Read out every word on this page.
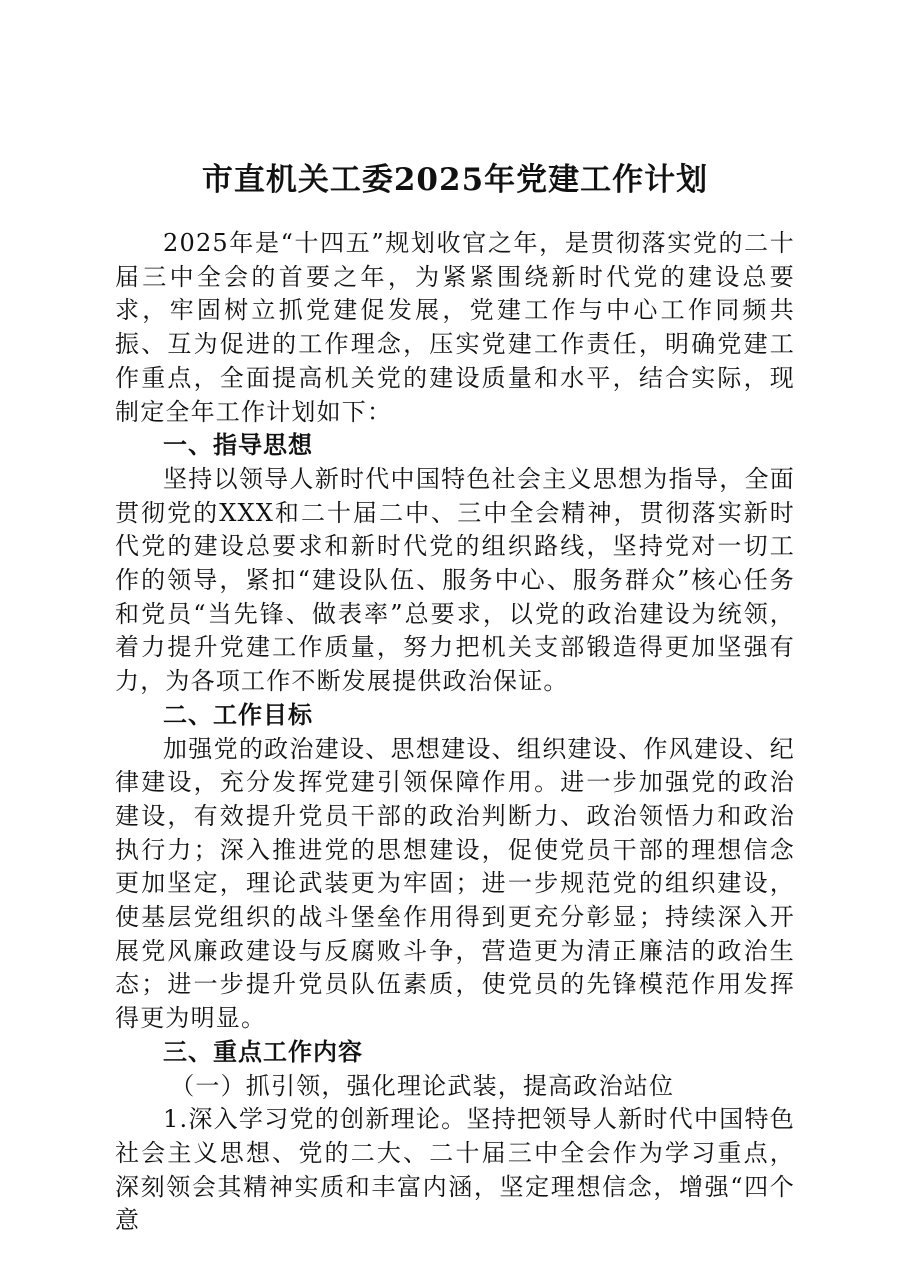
市直机关工委2025年党建工作计划

2025年是“十四五”规划收官之年，是贯彻落实党的二十届三中全会的首要之年，为紧紧围绕新时代党的建设总要求，牢固树立抓党建促发展，党建工作与中心工作同频共振、互为促进的工作理念，压实党建工作责任，明确党建工作重点，全面提高机关党的建设质量和水平，结合实际，现制定全年工作计划如下：

一、指导思想

坚持以领导人新时代中国特色社会主义思想为指导，全面贯彻党的XXX和二十届二中、三中全会精神，贯彻落实新时代党的建设总要求和新时代党的组织路线，坚持党对一切工作的领导，紧扣“建设队伍、服务中心、服务群众”核心任务和党员“当先锋、做表率”总要求，以党的政治建设为统领，着力提升党建工作质量，努力把机关支部锻造得更加坚强有力，为各项工作不断发展提供政治保证。

二、工作目标

加强党的政治建设、思想建设、组织建设、作风建设、纪律建设，充分发挥党建引领保障作用。进一步加强党的政治建设，有效提升党员干部的政治判断力、政治领悟力和政治执行力；深入推进党的思想建设，促使党员干部的理想信念更加坚定，理论武装更为牢固；进一步规范党的组织建设，使基层党组织的战斗堡垒作用得到更充分彰显；持续深入开展党风廉政建设与反腐败斗争，营造更为清正廉洁的政治生态；进一步提升党员队伍素质，使党员的先锋模范作用发挥得更为明显。

三、重点工作内容
（一）抓引领，强化理论武装，提高政治站位

1.深入学习党的创新理论。坚持把领导人新时代中国特色社会主义思想、党的二大、二十届三中全会作为学习重点，深刻领会其精神实质和丰富内涵，坚定理想信念，增强“四个意
